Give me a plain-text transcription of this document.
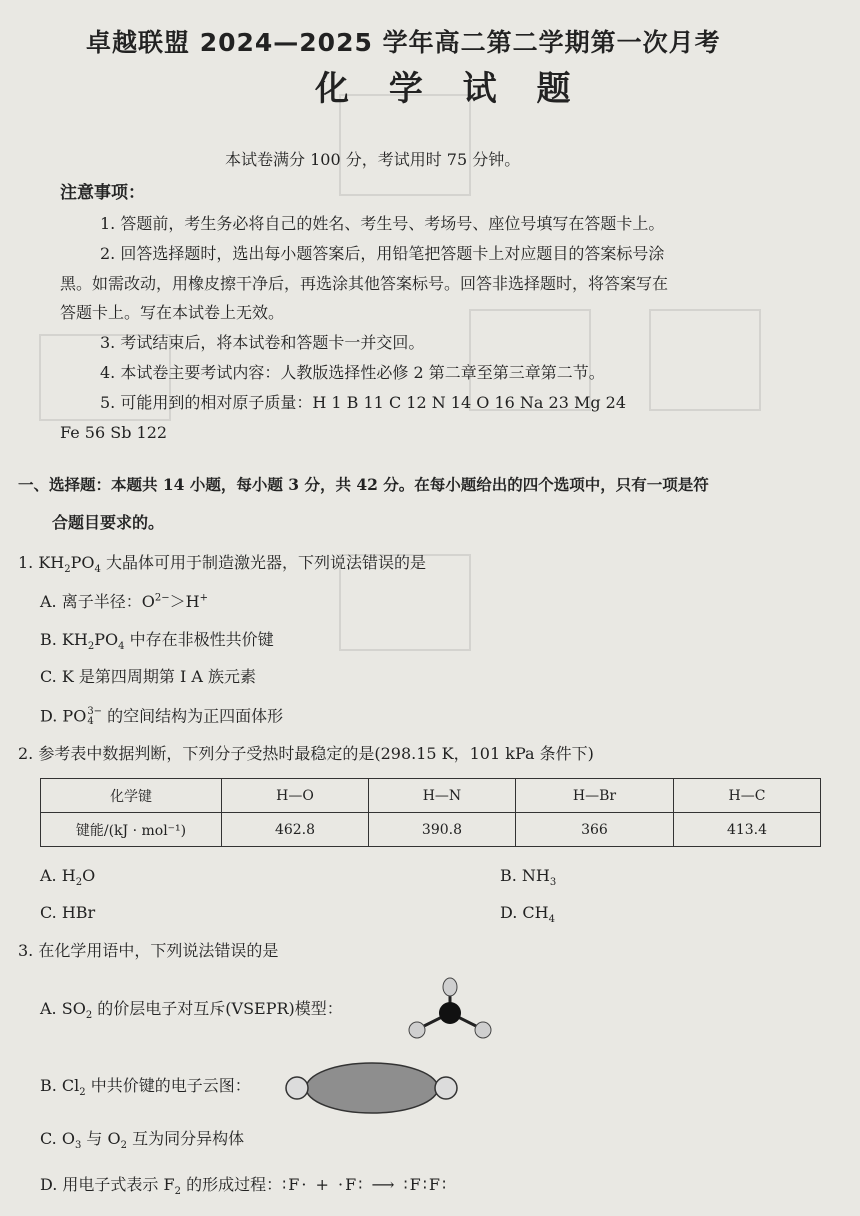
卓越联盟 2024—2025 学年高二第二学期第一次月考
化 学 试 题
本试卷满分 100 分，考试用时 75 分钟。
注意事项：
1. 答题前，考生务必将自己的姓名、考生号、考场号、座位号填写在答题卡上。
2. 回答选择题时，选出每小题答案后，用铅笔把答题卡上对应题目的答案标号涂
黑。如需改动，用橡皮擦干净后，再选涂其他答案标号。回答非选择题时，将答案写在
答题卡上。写在本试卷上无效。
3. 考试结束后，将本试卷和答题卡一并交回。
4. 本试卷主要考试内容：人教版选择性必修 2 第二章至第三章第二节。
5. 可能用到的相对原子质量：H 1 B 11 C 12 N 14 O 16 Na 23 Mg 24
Fe 56 Sb 122
一、选择题：本题共 14 小题，每小题 3 分，共 42 分。在每小题给出的四个选项中，只有一项是符
合题目要求的。
1. $KH_2PO_4$ 大晶体可用于制造激光器，下列说法错误的是
A. 离子半径：$O^{2-}>H^+$
B. $KH_2PO_4$ 中存在非极性共价键
C. K 是第四周期第 Ⅰ A 族元素
D. PO 3−
4 的空间结构为正四面体形
2. 参考表中数据判断，下列分子受热时最稳定的是(298.15 K，101 kPa 条件下)
化学键	H—O	H—N	H—Br	H—C
键能/(kJ · mol⁻¹)	462.8	390.8	366	413.4
A. $H_2O$	B. $NH_3$
C. HBr	D. $CH_4$
3. 在化学用语中，下列说法错误的是
A. $SO_2$ 的价层电子对互斥(VSEPR)模型：
B. $Cl_2$ 中共价键的电子云图：
C. $O_3$ 与 $O_2$ 互为同分异构体
D. 用电子式表示 $F_2$ 的形成过程：∶F· + ·F∶ ⟶ ∶F∶F∶
